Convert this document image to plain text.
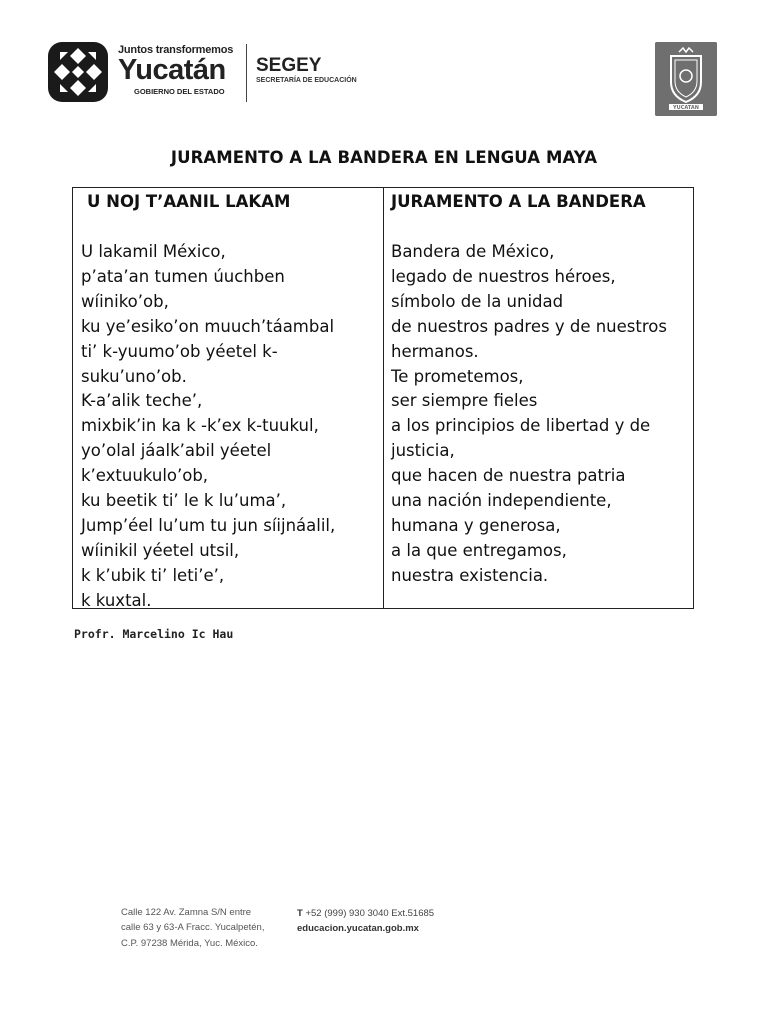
Juntos transformemos
Yucatán
GOBIERNO DEL ESTADO
SEGEY
SECRETARÍA DE EDUCACIÓN
YUCATAN
JURAMENTO A LA BANDERA EN LENGUA MAYA
U NOJ T’AANIL LAKAM
U lakamil México,
p’ata’an tumen úuchben
wíiniko’ob,
ku ye’esiko’on muuch’táambal
ti’ k-yuumo’ob yéetel k-
suku’uno’ob.
K-a’alik teche’,
mixbik’in ka k -k’ex k-tuukul,
yo’olal jáalk’abil yéetel
k’extuukulo’ob,
ku beetik ti’ le k lu’uma’,
Jump’éel lu’um tu jun síijnáalil,
wíinikil yéetel utsil,
k k’ubik ti’ leti’e’,
k kuxtal.
JURAMENTO A LA BANDERA
Bandera de México,
legado de nuestros héroes,
símbolo de la unidad
de nuestros padres y de nuestros
hermanos.
Te prometemos,
ser siempre fieles
a los principios de libertad y de
justicia,
que hacen de nuestra patria
una nación independiente,
humana y generosa,
a la que entregamos,
nuestra existencia.
Profr. Marcelino Ic Hau
Calle 122 Av. Zamna S/N entre
calle 63 y 63-A Fracc. Yucalpetén,
C.P. 97238 Mérida, Yuc. México.
T +52 (999) 930 3040 Ext.51685
educacion.yucatan.gob.mx
